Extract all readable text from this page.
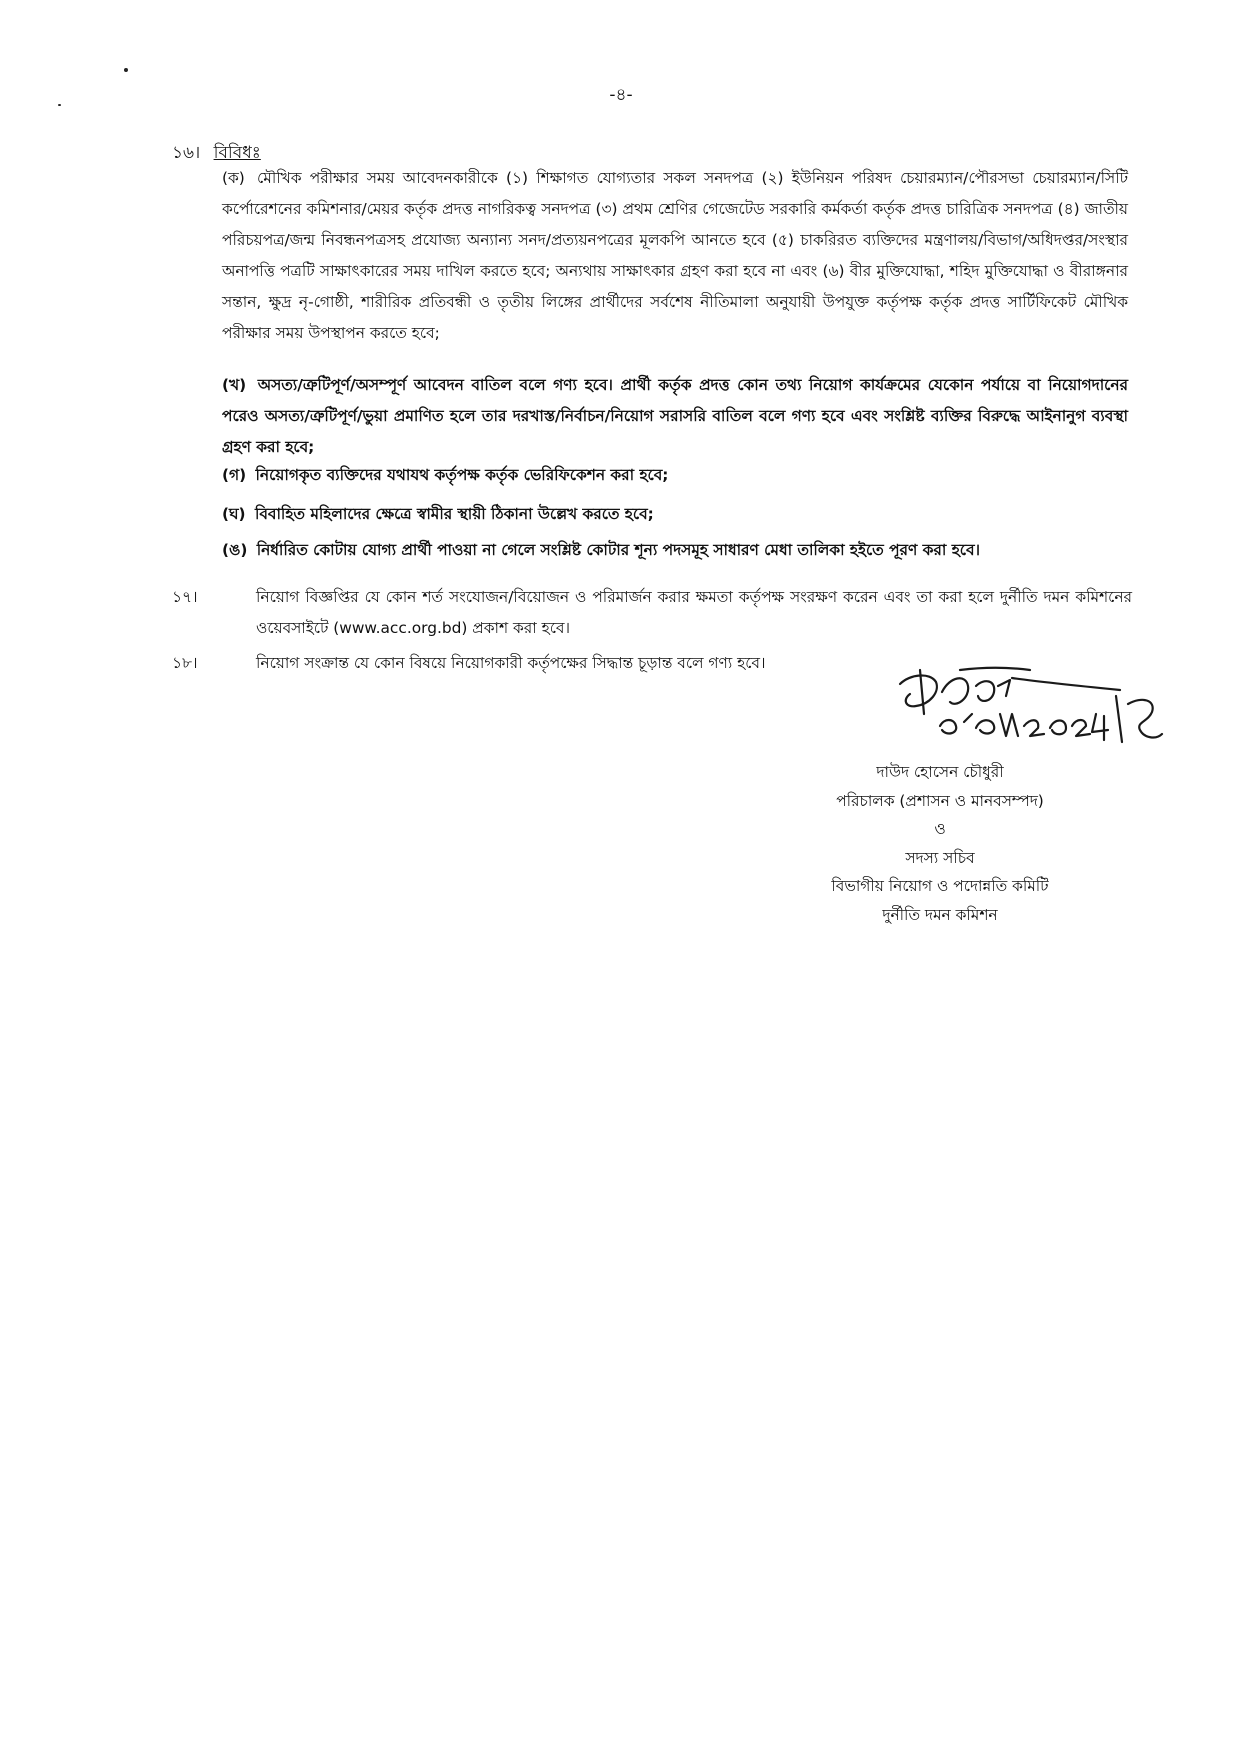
-৪-
১৬। বিবিধঃ
(ক) মৌখিক পরীক্ষার সময় আবেদনকারীকে (১) শিক্ষাগত যোগ্যতার সকল সনদপত্র (২) ইউনিয়ন পরিষদ চেয়ারম্যান/পৌরসভা চেয়ারম্যান/সিটি কর্পোরেশনের কমিশনার/মেয়র কর্তৃক প্রদত্ত নাগরিকত্ব সনদপত্র (৩) প্রথম শ্রেণির গেজেটেড সরকারি কর্মকর্তা কর্তৃক প্রদত্ত চারিত্রিক সনদপত্র (৪) জাতীয় পরিচয়পত্র/জন্ম নিবন্ধনপত্রসহ প্রযোজ্য অন্যান্য সনদ/প্রত্যয়নপত্রের মূলকপি আনতে হবে (৫) চাকরিরত ব্যক্তিদের মন্ত্রণালয়/বিভাগ/অধিদপ্তর/সংস্থার অনাপত্তি পত্রটি সাক্ষাৎকারের সময় দাখিল করতে হবে; অন্যথায় সাক্ষাৎকার গ্রহণ করা হবে না এবং (৬) বীর মুক্তিযোদ্ধা, শহিদ মুক্তিযোদ্ধা ও বীরাঙ্গনার সন্তান, ক্ষুদ্র নৃ-গোষ্ঠী, শারীরিক প্রতিবন্ধী ও তৃতীয় লিঙ্গের প্রার্থীদের সর্বশেষ নীতিমালা অনুযায়ী উপযুক্ত কর্তৃপক্ষ কর্তৃক প্রদত্ত সার্টিফিকেট মৌখিক পরীক্ষার সময় উপস্থাপন করতে হবে;
(খ) অসত্য/ত্রুটিপূর্ণ/অসম্পূর্ণ আবেদন বাতিল বলে গণ্য হবে। প্রার্থী কর্তৃক প্রদত্ত কোন তথ্য নিয়োগ কার্যক্রমের যেকোন পর্যায়ে বা নিয়োগদানের পরেও অসত্য/ত্রুটিপূর্ণ/ভুয়া প্রমাণিত হলে তার দরখাস্ত/নির্বাচন/নিয়োগ সরাসরি বাতিল বলে গণ্য হবে এবং সংশ্লিষ্ট ব্যক্তির বিরুদ্ধে আইনানুগ ব্যবস্থা গ্রহণ করা হবে;
(গ) নিয়োগকৃত ব্যক্তিদের যথাযথ কর্তৃপক্ষ কর্তৃক ভেরিফিকেশন করা হবে;
(ঘ) বিবাহিত মহিলাদের ক্ষেত্রে স্বামীর স্থায়ী ঠিকানা উল্লেখ করতে হবে;
(ঙ) নির্ধারিত কোটায় যোগ্য প্রার্থী পাওয়া না গেলে সংশ্লিষ্ট কোটার শূন্য পদসমূহ সাধারণ মেধা তালিকা হইতে পূরণ করা হবে।
১৭।	নিয়োগ বিজ্ঞপ্তির যে কোন শর্ত সংযোজন/বিয়োজন ও পরিমার্জন করার ক্ষমতা কর্তৃপক্ষ সংরক্ষণ করেন এবং তা করা হলে দুর্নীতি দমন কমিশনের ওয়েবসাইটে (www.acc.org.bd) প্রকাশ করা হবে।
১৮।	নিয়োগ সংক্রান্ত যে কোন বিষয়ে নিয়োগকারী কর্তৃপক্ষের সিদ্ধান্ত চূড়ান্ত বলে গণ্য হবে।
দাউদ হোসেন চৌধুরী
পরিচালক (প্রশাসন ও মানবসম্পদ)
ও
সদস্য সচিব
বিভাগীয় নিয়োগ ও পদোন্নতি কমিটি
দুর্নীতি দমন কমিশন
